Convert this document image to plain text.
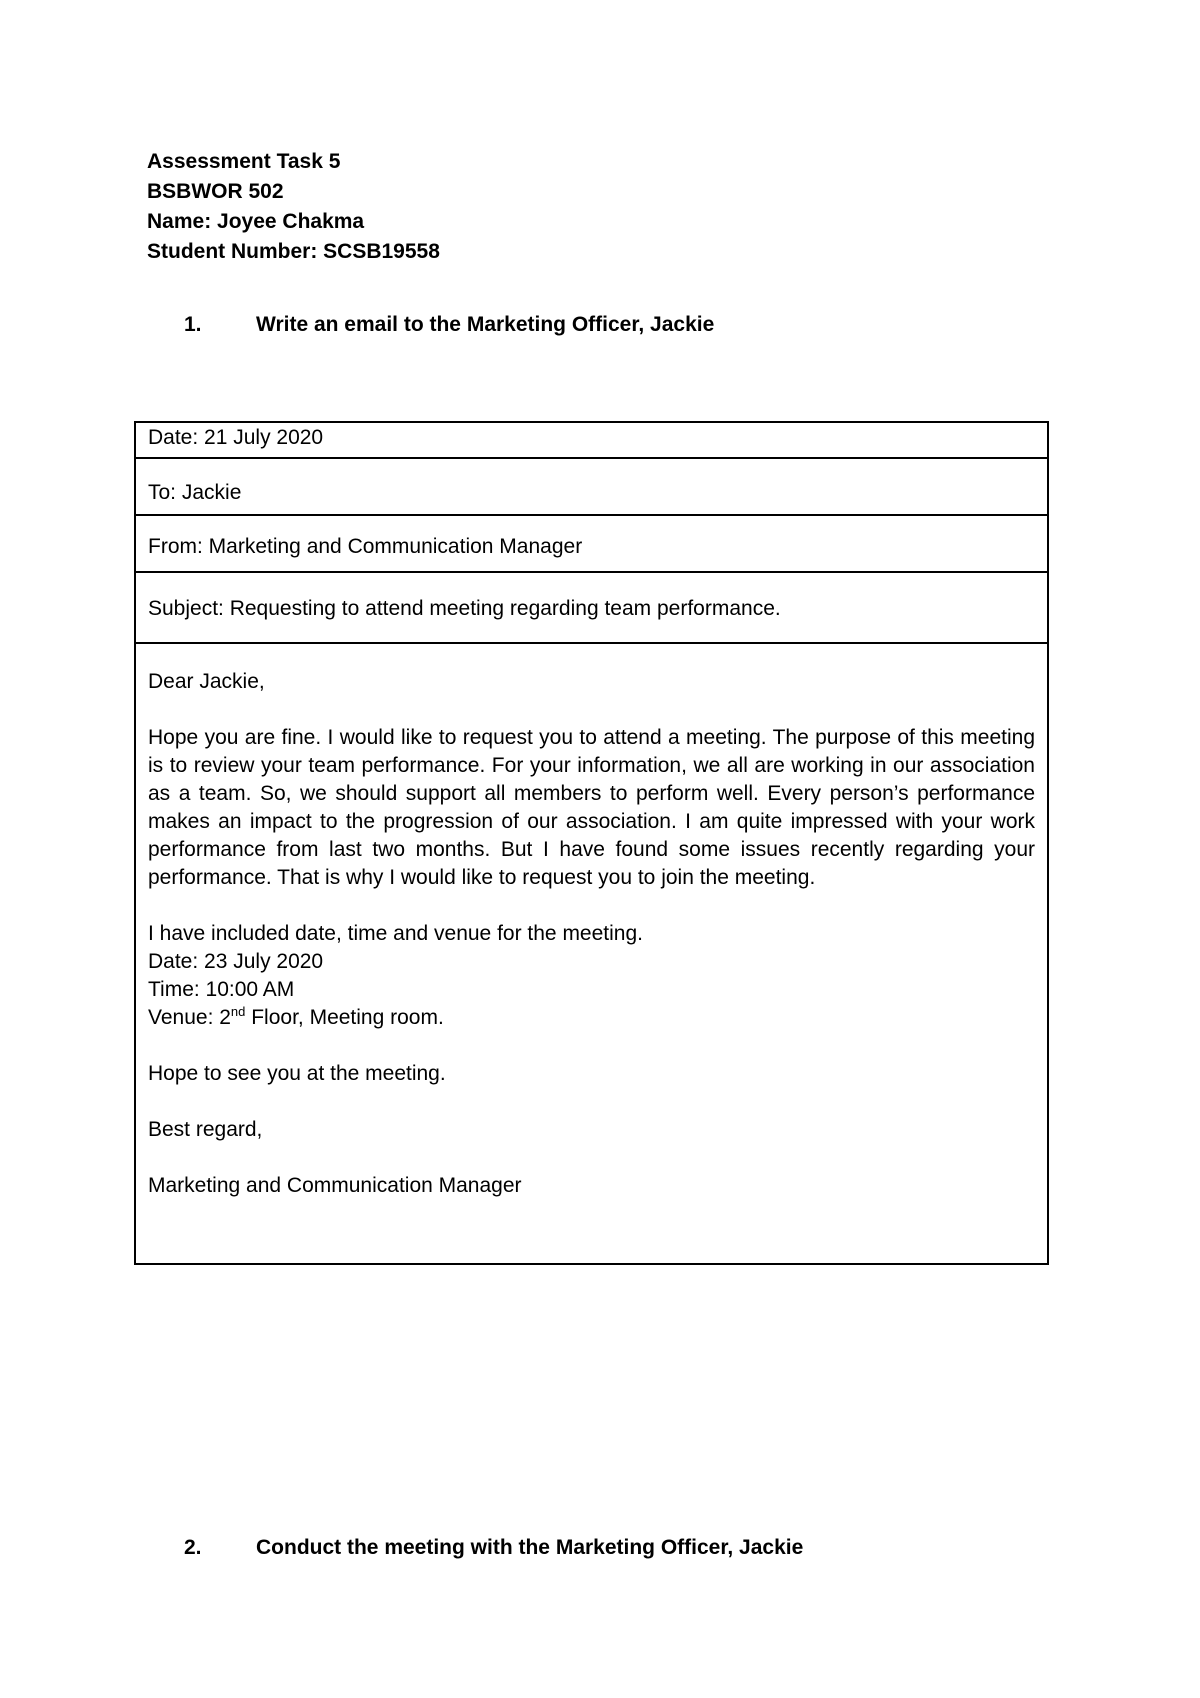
Assessment Task 5
BSBWOR 502
Name: Joyee Chakma
Student Number: SCSB19558
1.	Write an email to the Marketing Officer, Jackie
Date: 21 July 2020
To: Jackie
From: Marketing and Communication Manager
Subject: Requesting to attend meeting regarding team performance.

Dear Jackie,

Hope you are fine. I would like to request you to attend a meeting. The purpose of this meeting is to review your team performance. For your information, we all are working in our association as a team. So, we should support all members to perform well. Every person’s performance makes an impact to the progression of our association. I am quite impressed with your work performance from last two months. But I have found some issues recently regarding your performance. That is why I would like to request you to join the meeting.

I have included date, time and venue for the meeting.

Date: 23 July 2020

Time: 10:00 AM

Venue: 2nd Floor, Meeting room.

Hope to see you at the meeting.

Best regard,

Marketing and Communication Manager

2.	Conduct the meeting with the Marketing Officer, Jackie
